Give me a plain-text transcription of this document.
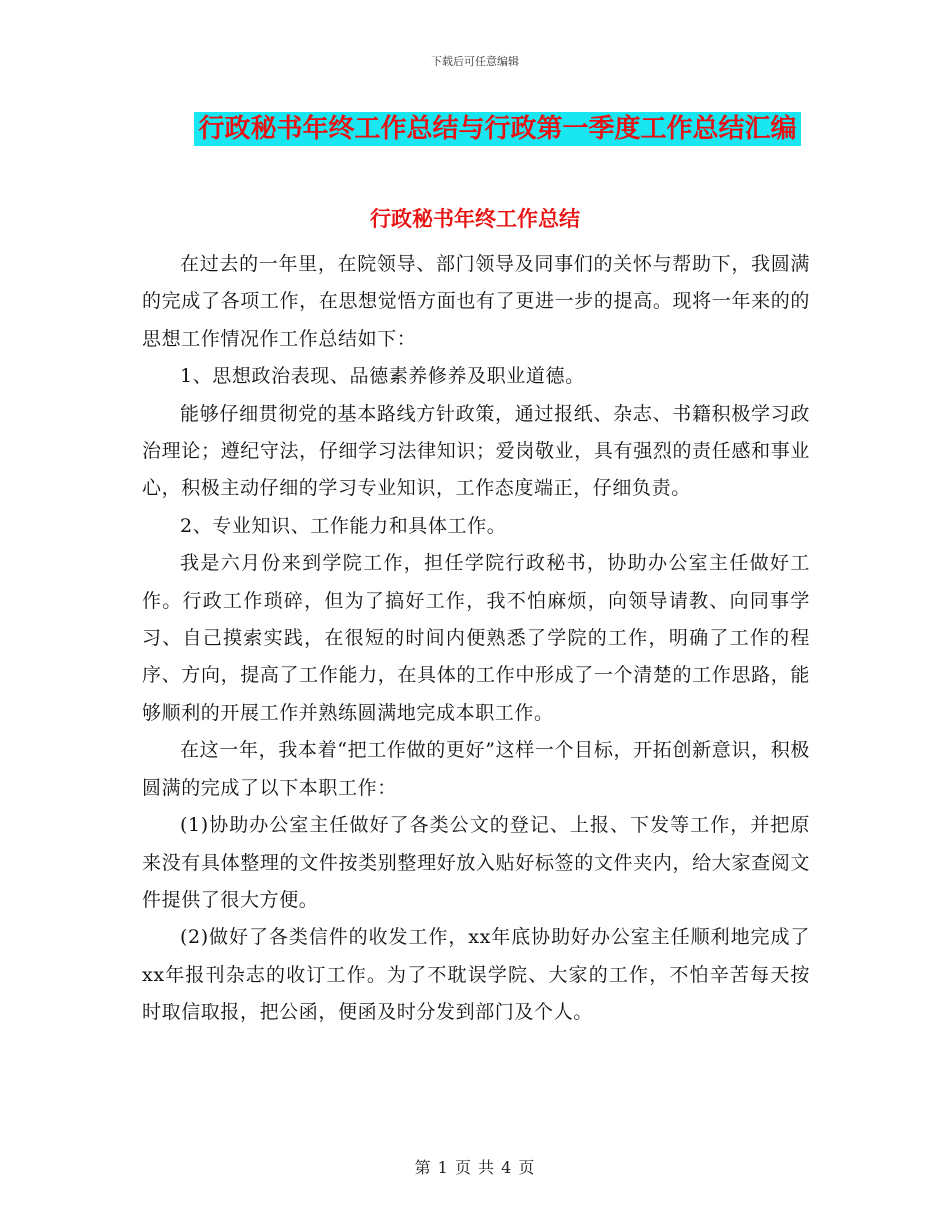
下载后可任意编辑
行政秘书年终工作总结与行政第一季度工作总结汇编
行政秘书年终工作总结

在过去的一年里，在院领导、部门领导及同事们的关怀与帮助下，我圆满的完成了各项工作，在思想觉悟方面也有了更进一步的提高。现将一年来的的思想工作情况作工作总结如下：

1、思想政治表现、品德素养修养及职业道德。

能够仔细贯彻党的基本路线方针政策，通过报纸、杂志、书籍积极学习政治理论；遵纪守法，仔细学习法律知识；爱岗敬业，具有强烈的责任感和事业心，积极主动仔细的学习专业知识，工作态度端正，仔细负责。

2、专业知识、工作能力和具体工作。

我是六月份来到学院工作，担任学院行政秘书，协助办公室主任做好工作。行政工作琐碎，但为了搞好工作，我不怕麻烦，向领导请教、向同事学习、自己摸索实践，在很短的时间内便熟悉了学院的工作，明确了工作的程序、方向，提高了工作能力，在具体的工作中形成了一个清楚的工作思路，能够顺利的开展工作并熟练圆满地完成本职工作。

在这一年，我本着“把工作做的更好”这样一个目标，开拓创新意识，积极圆满的完成了以下本职工作：

(1)协助办公室主任做好了各类公文的登记、上报、下发等工作，并把原来没有具体整理的文件按类别整理好放入贴好标签的文件夹内，给大家查阅文件提供了很大方便。

(2)做好了各类信件的收发工作，xx年底协助好办公室主任顺利地完成了xx年报刊杂志的收订工作。为了不耽误学院、大家的工作，不怕辛苦每天按时取信取报，把公函，便函及时分发到部门及个人。

第 1 页 共 4 页
